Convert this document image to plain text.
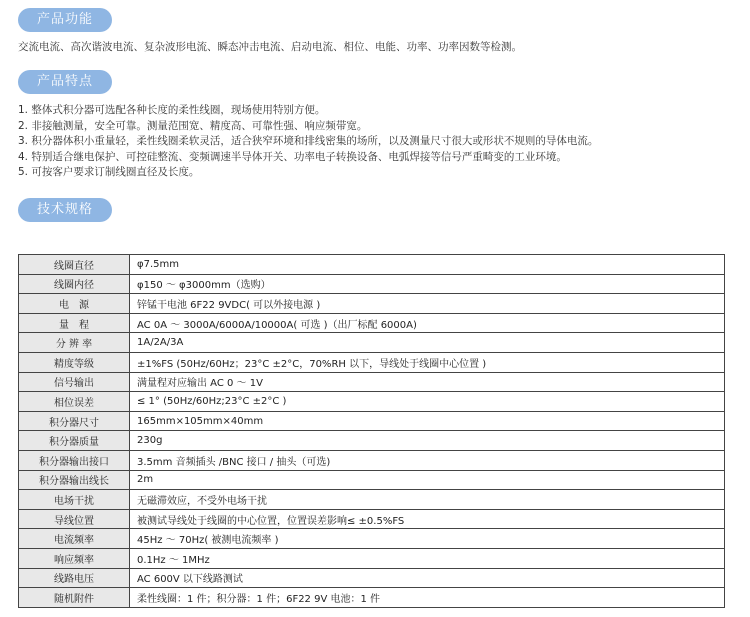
产品功能
交流电流、高次谐波电流、复杂波形电流、瞬态冲击电流、启动电流、相位、电能、功率、功率因数等检测。
产品特点
1. 整体式积分器可选配各种长度的柔性线圈，现场使用特别方便。
2. 非接触测量，安全可靠。测量范围宽、精度高、可靠性强、响应频带宽。
3. 积分器体积小重量轻，柔性线圈柔软灵活，适合狭窄环境和排线密集的场所，以及测量尺寸很大或形状不规则的导体电流。
4. 特别适合继电保护、可控硅整流、变频调速半导体开关、功率电子转换设备、电弧焊接等信号严重畸变的工业环境。
5. 可按客户要求订制线圈直径及长度。
技术规格
线圈直径	φ7.5mm
线圈内径	φ150 ～ φ3000mm（选购）
电　源	锌锰干电池 6F22 9VDC( 可以外接电源 )
量　程	AC 0A ～ 3000A/6000A/10000A( 可选 )（出厂标配 6000A)
分 辨 率	1A/2A/3A
精度等级	±1%FS (50Hz/60Hz；23°C ±2°C，70%RH 以下，导线处于线圈中心位置 )
信号输出	满量程对应输出 AC 0 ～ 1V
相位误差	≤ 1° (50Hz/60Hz;23°C ±2°C )
积分器尺寸	165mm×105mm×40mm
积分器质量	230g
积分器输出接口	3.5mm 音频插头 /BNC 接口 / 抽头（可选)
积分器输出线长	2m
电场干扰	无磁滞效应，不受外电场干扰
导线位置	被测试导线处于线圈的中心位置，位置误差影响≤ ±0.5%FS
电流频率	45Hz ～ 70Hz( 被测电流频率 )
响应频率	0.1Hz ～ 1MHz
线路电压	AC 600V 以下线路测试
随机附件	柔性线圈：1 件；积分器：1 件；6F22 9V 电池：1 件
